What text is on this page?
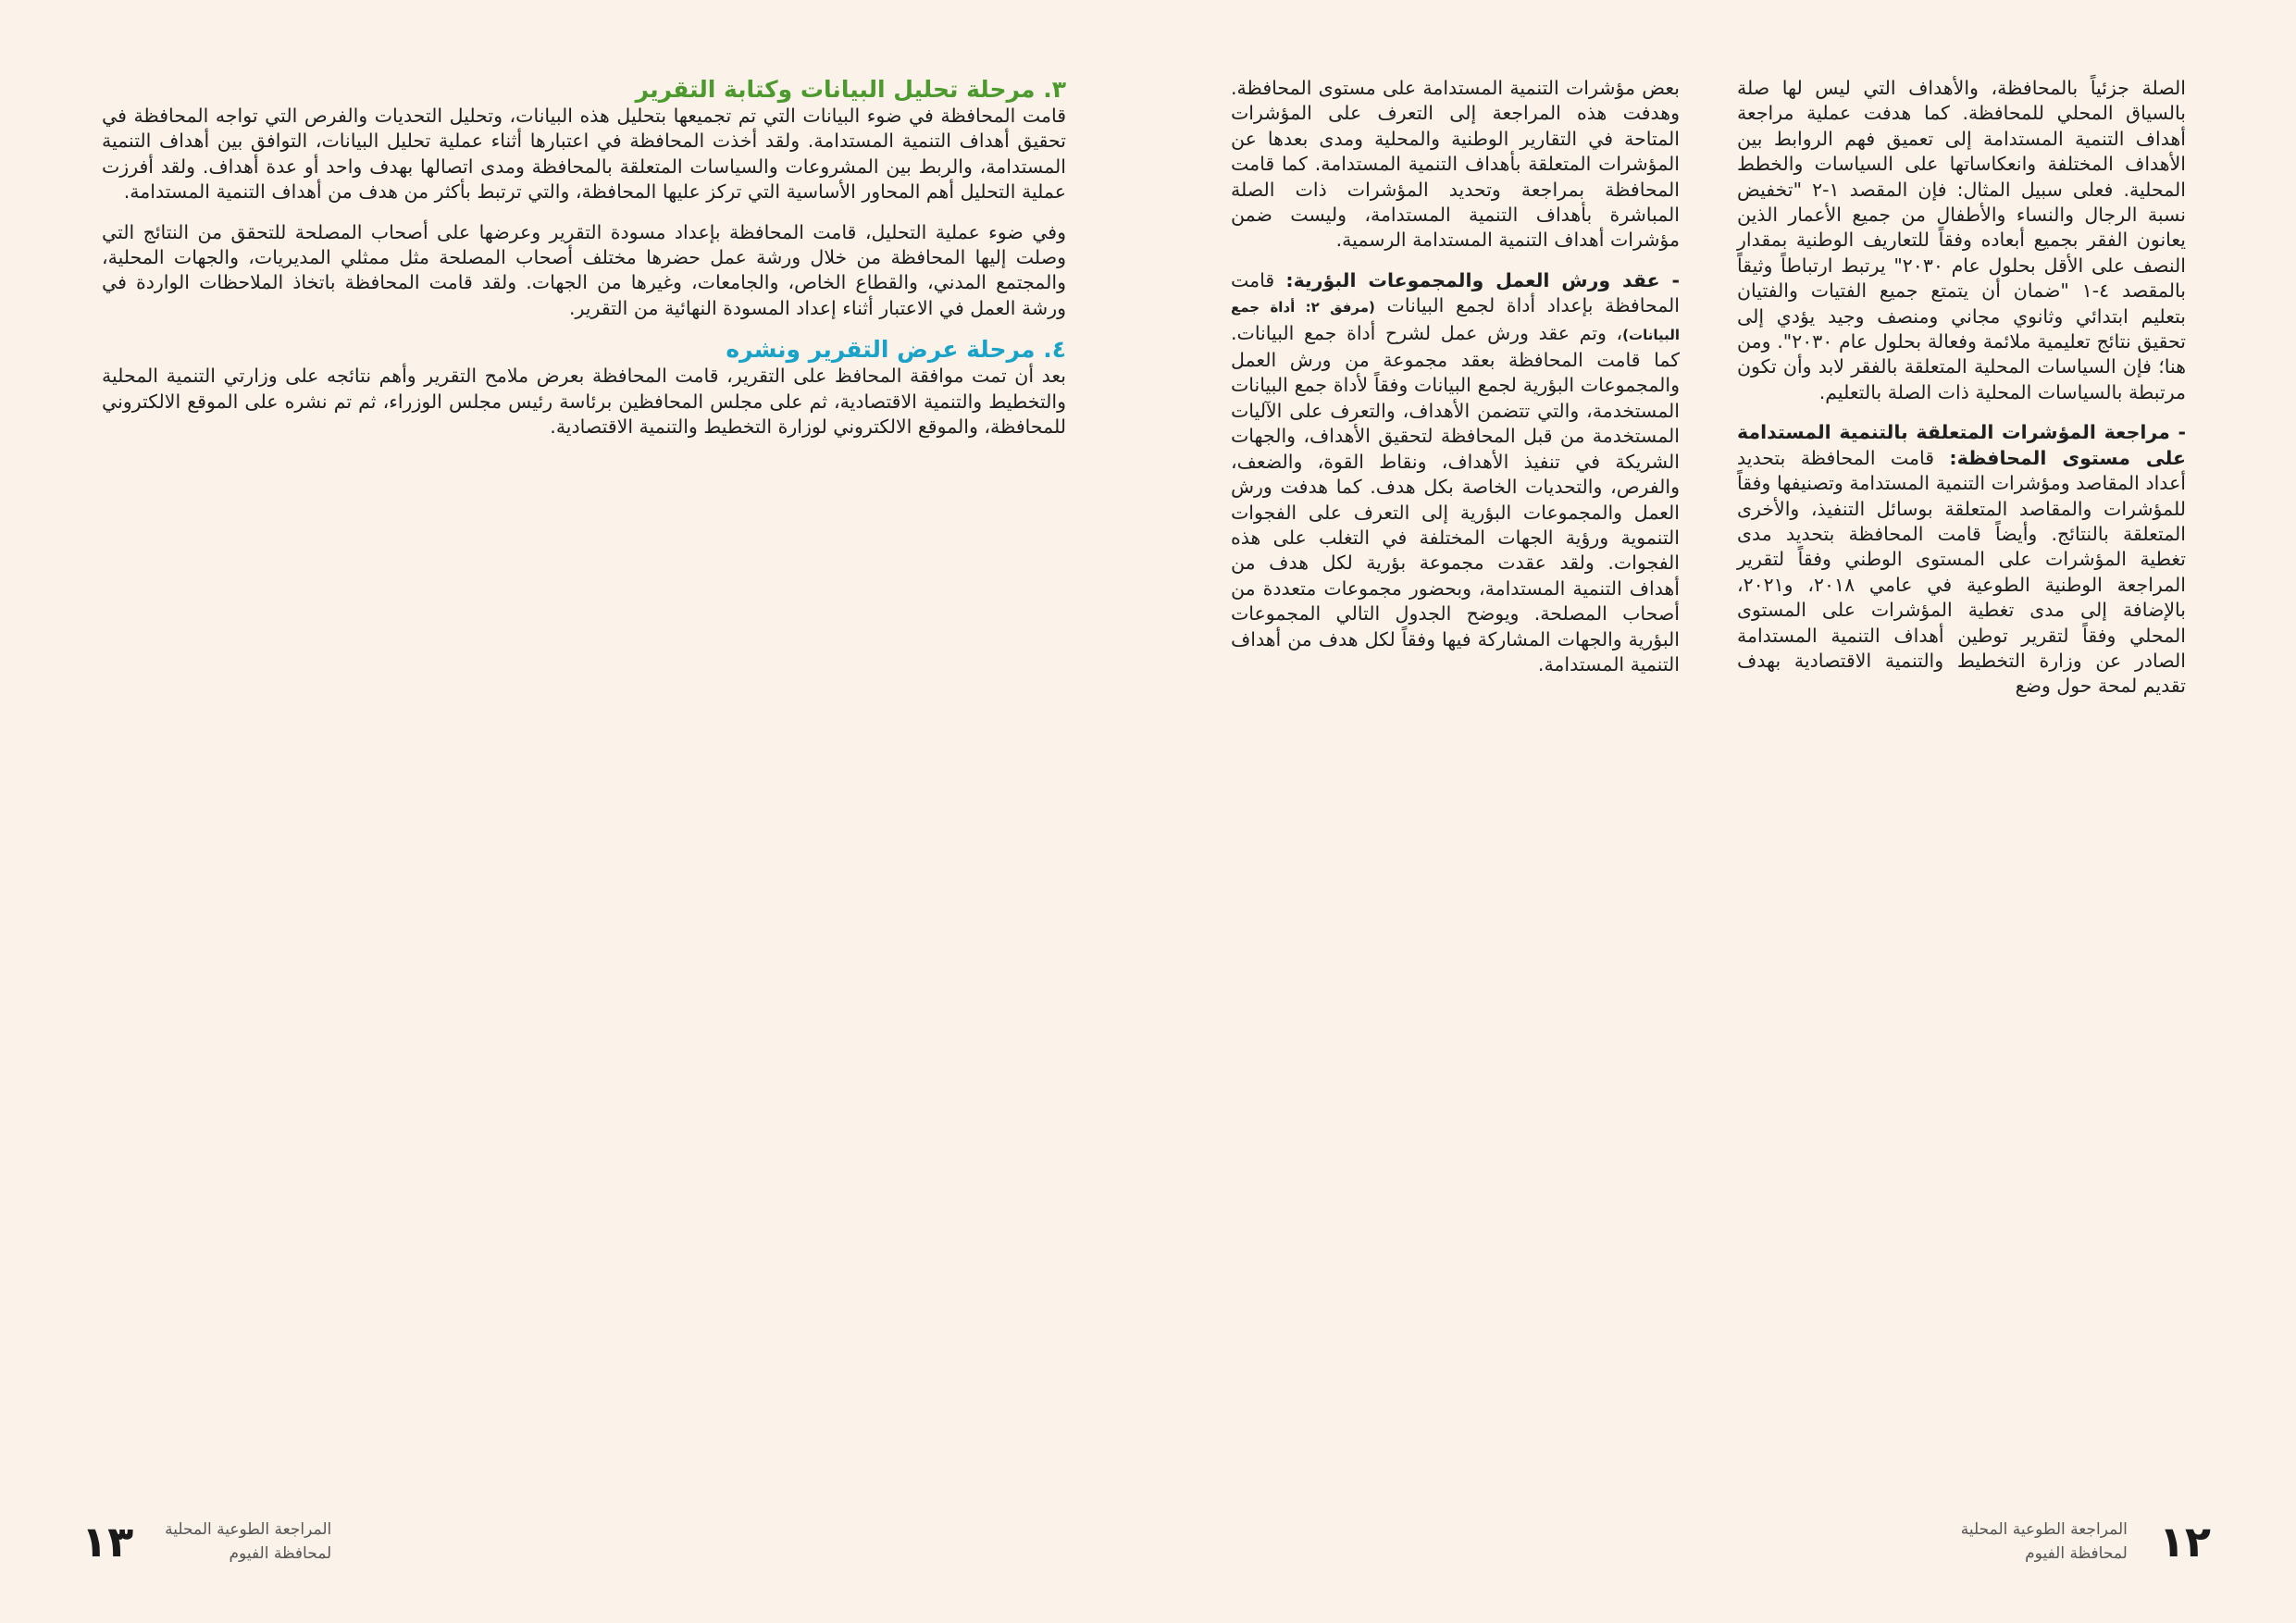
الصلة جزئياً بالمحافظة، والأهداف التي ليس لها صلة بالسياق المحلي للمحافظة. كما هدفت عملية مراجعة أهداف التنمية المستدامة إلى تعميق فهم الروابط بين الأهداف المختلفة وانعكاساتها على السياسات والخطط المحلية. فعلى سبيل المثال: فإن المقصد ١-٢ "تخفيض نسبة الرجال والنساء والأطفال من جميع الأعمار الذين يعانون الفقر بجميع أبعاده وفقاً للتعاريف الوطنية بمقدار النصف على الأقل بحلول عام ٢٠٣٠" يرتبط ارتباطاً وثيقاً بالمقصد ٤-١ "ضمان أن يتمتع جميع الفتيات والفتيان بتعليم ابتدائي وثانوي مجاني ومنصف وجيد يؤدي إلى تحقيق نتائج تعليمية ملائمة وفعالة بحلول عام ٢٠٣٠". ومن هنا؛ فإن السياسات المحلية المتعلقة بالفقر لابد وأن تكون مرتبطة بالسياسات المحلية ذات الصلة بالتعليم.

- مراجعة المؤشرات المتعلقة بالتنمية المستدامة على مستوى المحافظة: قامت المحافظة بتحديد أعداد المقاصد ومؤشرات التنمية المستدامة وتصنيفها وفقاً للمؤشرات والمقاصد المتعلقة بوسائل التنفيذ، والأخرى المتعلقة بالنتائج. وأيضاً قامت المحافظة بتحديد مدى تغطية المؤشرات على المستوى الوطني وفقاً لتقرير المراجعة الوطنية الطوعية في عامي ٢٠١٨، و٢٠٢١، بالإضافة إلى مدى تغطية المؤشرات على المستوى المحلي وفقاً لتقرير توطين أهداف التنمية المستدامة الصادر عن وزارة التخطيط والتنمية الاقتصادية بهدف تقديم لمحة حول وضع

بعض مؤشرات التنمية المستدامة على مستوى المحافظة. وهدفت هذه المراجعة إلى التعرف على المؤشرات المتاحة في التقارير الوطنية والمحلية ومدى بعدها عن المؤشرات المتعلقة بأهداف التنمية المستدامة. كما قامت المحافظة بمراجعة وتحديد المؤشرات ذات الصلة المباشرة بأهداف التنمية المستدامة، وليست ضمن مؤشرات أهداف التنمية المستدامة الرسمية.

- عقد ورش العمل والمجموعات البؤرية: قامت المحافظة بإعداد أداة لجمع البيانات (مرفق ٢: أداة جمع البيانات)، وتم عقد ورش عمل لشرح أداة جمع البيانات. كما قامت المحافظة بعقد مجموعة من ورش العمل والمجموعات البؤرية لجمع البيانات وفقاً لأداة جمع البيانات المستخدمة، والتي تتضمن الأهداف، والتعرف على الآليات المستخدمة من قبل المحافظة لتحقيق الأهداف، والجهات الشريكة في تنفيذ الأهداف، ونقاط القوة، والضعف، والفرص، والتحديات الخاصة بكل هدف. كما هدفت ورش العمل والمجموعات البؤرية إلى التعرف على الفجوات التنموية ورؤية الجهات المختلفة في التغلب على هذه الفجوات. ولقد عقدت مجموعة بؤرية لكل هدف من أهداف التنمية المستدامة، وبحضور مجموعات متعددة من أصحاب المصلحة. ويوضح الجدول التالي المجموعات البؤرية والجهات المشاركة فيها وفقاً لكل هدف من أهداف التنمية المستدامة.

٣. مرحلة تحليل البيانات وكتابة التقرير

قامت المحافظة في ضوء البيانات التي تم تجميعها بتحليل هذه البيانات، وتحليل التحديات والفرص التي تواجه المحافظة في تحقيق أهداف التنمية المستدامة. ولقد أخذت المحافظة في اعتبارها أثناء عملية تحليل البيانات، التوافق بين أهداف التنمية المستدامة، والربط بين المشروعات والسياسات المتعلقة بالمحافظة ومدى اتصالها بهدف واحد أو عدة أهداف. ولقد أفرزت عملية التحليل أهم المحاور الأساسية التي تركز عليها المحافظة، والتي ترتبط بأكثر من هدف من أهداف التنمية المستدامة.

وفي ضوء عملية التحليل، قامت المحافظة بإعداد مسودة التقرير وعرضها على أصحاب المصلحة للتحقق من النتائج التي وصلت إليها المحافظة من خلال ورشة عمل حضرها مختلف أصحاب المصلحة مثل ممثلي المديريات، والجهات المحلية، والمجتمع المدني، والقطاع الخاص، والجامعات، وغيرها من الجهات. ولقد قامت المحافظة باتخاذ الملاحظات الواردة في ورشة العمل في الاعتبار أثناء إعداد المسودة النهائية من التقرير.

٤. مرحلة عرض التقرير ونشره

بعد أن تمت موافقة المحافظ على التقرير، قامت المحافظة بعرض ملامح التقرير وأهم نتائجه على وزارتي التنمية المحلية والتخطيط والتنمية الاقتصادية، ثم على مجلس المحافظين برئاسة رئيس مجلس الوزراء، ثم تم نشره على الموقع الالكتروني للمحافظة، والموقع الالكتروني لوزارة التخطيط والتنمية الاقتصادية.

١٢
المراجعة الطوعية المحلية
لمحافظة الفيوم
١٣ المراجعة الطوعية المحلية
لمحافظة الفيوم
